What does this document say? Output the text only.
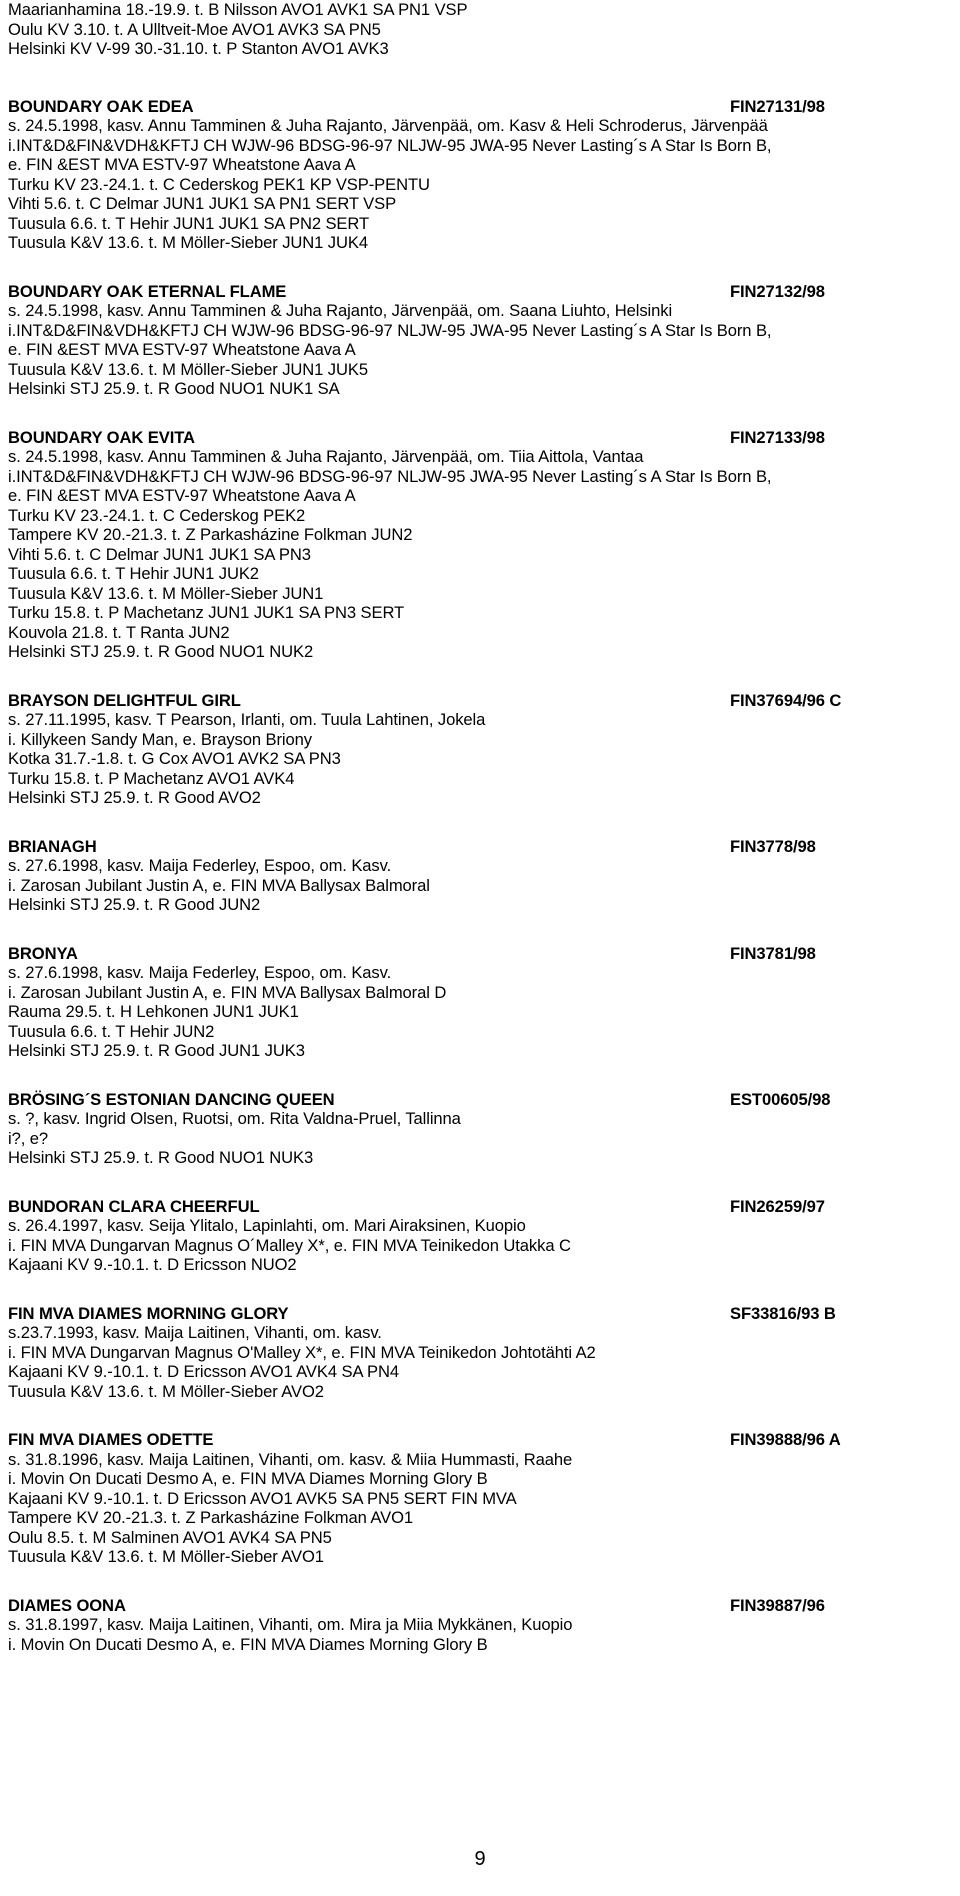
Maarianhamina 18.-19.9. t. B Nilsson AVO1 AVK1 SA PN1 VSP
Oulu KV 3.10. t. A Ulltveit-Moe AVO1 AVK3 SA PN5
Helsinki KV V-99 30.-31.10. t. P Stanton AVO1 AVK3
BOUNDARY OAK EDEA	FIN27131/98
s. 24.5.1998, kasv. Annu Tamminen & Juha Rajanto, Järvenpää, om. Kasv & Heli Schroderus, Järvenpää
i.INT&D&FIN&VDH&KFTJ CH WJW-96 BDSG-96-97 NLJW-95 JWA-95 Never Lasting´s A Star Is Born B,
e. FIN &EST MVA ESTV-97 Wheatstone Aava A
Turku KV 23.-24.1. t. C Cederskog PEK1 KP VSP-PENTU
Vihti 5.6. t. C Delmar JUN1 JUK1 SA PN1 SERT VSP
Tuusula 6.6. t. T Hehir JUN1 JUK1 SA PN2 SERT
Tuusula K&V 13.6. t. M Möller-Sieber JUN1 JUK4
BOUNDARY OAK ETERNAL FLAME	FIN27132/98
s. 24.5.1998, kasv. Annu Tamminen & Juha Rajanto, Järvenpää, om. Saana Liuhto, Helsinki
i.INT&D&FIN&VDH&KFTJ CH WJW-96 BDSG-96-97 NLJW-95 JWA-95 Never Lasting´s A Star Is Born B,
e. FIN &EST MVA ESTV-97 Wheatstone Aava A
Tuusula K&V 13.6. t. M Möller-Sieber JUN1 JUK5
Helsinki STJ 25.9. t. R Good NUO1 NUK1 SA
BOUNDARY OAK EVITA	FIN27133/98
s. 24.5.1998, kasv. Annu Tamminen & Juha Rajanto, Järvenpää, om. Tiia Aittola, Vantaa
i.INT&D&FIN&VDH&KFTJ CH WJW-96 BDSG-96-97 NLJW-95 JWA-95 Never Lasting´s A Star Is Born B,
e. FIN &EST MVA ESTV-97 Wheatstone Aava A
Turku KV 23.-24.1. t. C Cederskog PEK2
Tampere KV 20.-21.3. t. Z Parkasházine Folkman JUN2
Vihti 5.6. t. C Delmar JUN1 JUK1 SA PN3
Tuusula 6.6. t. T Hehir JUN1 JUK2
Tuusula K&V 13.6. t. M Möller-Sieber JUN1
Turku 15.8. t. P Machetanz JUN1 JUK1 SA PN3 SERT
Kouvola 21.8. t. T Ranta JUN2
Helsinki STJ 25.9. t. R Good NUO1 NUK2
BRAYSON DELIGHTFUL GIRL	FIN37694/96 C
s. 27.11.1995, kasv. T Pearson, Irlanti, om. Tuula Lahtinen, Jokela
i. Killykeen Sandy Man, e. Brayson Briony
Kotka 31.7.-1.8. t. G Cox AVO1 AVK2 SA PN3
Turku 15.8. t. P Machetanz AVO1 AVK4
Helsinki STJ 25.9. t. R Good AVO2
BRIANAGH	FIN3778/98
s. 27.6.1998, kasv. Maija Federley, Espoo, om. Kasv.
i. Zarosan Jubilant Justin A, e. FIN MVA Ballysax Balmoral
Helsinki STJ 25.9. t. R Good JUN2
BRONYA	FIN3781/98
s. 27.6.1998, kasv. Maija Federley, Espoo, om. Kasv.
i. Zarosan Jubilant Justin A, e. FIN MVA Ballysax Balmoral D
Rauma 29.5. t. H Lehkonen JUN1 JUK1
Tuusula 6.6. t. T Hehir JUN2
Helsinki STJ 25.9. t. R Good JUN1 JUK3
BRÖSING´S ESTONIAN DANCING QUEEN	EST00605/98
s. ?, kasv. Ingrid Olsen, Ruotsi, om. Rita Valdna-Pruel, Tallinna
i?, e?
Helsinki STJ 25.9. t. R Good NUO1 NUK3
BUNDORAN CLARA CHEERFUL	FIN26259/97
s. 26.4.1997, kasv. Seija Ylitalo, Lapinlahti, om. Mari Airaksinen, Kuopio
i. FIN MVA Dungarvan Magnus O´Malley X*, e. FIN MVA Teinikedon Utakka C
Kajaani KV 9.-10.1. t. D Ericsson NUO2
FIN MVA DIAMES MORNING GLORY	SF33816/93 B
s.23.7.1993, kasv. Maija Laitinen, Vihanti, om. kasv.
i. FIN MVA Dungarvan Magnus O'Malley X*, e. FIN MVA Teinikedon Johtotähti A2
Kajaani KV 9.-10.1. t. D Ericsson AVO1 AVK4 SA PN4
Tuusula K&V 13.6. t. M Möller-Sieber AVO2
FIN MVA DIAMES ODETTE	FIN39888/96 A
s. 31.8.1996, kasv. Maija Laitinen, Vihanti, om. kasv. & Miia Hummasti, Raahe
i. Movin On Ducati Desmo A, e. FIN MVA Diames Morning Glory B
Kajaani KV 9.-10.1. t. D Ericsson AVO1 AVK5 SA PN5 SERT FIN MVA
Tampere KV 20.-21.3. t. Z Parkasházine Folkman AVO1
Oulu 8.5. t. M Salminen AVO1 AVK4 SA PN5
Tuusula K&V 13.6. t. M Möller-Sieber AVO1
DIAMES OONA	FIN39887/96
s. 31.8.1997, kasv. Maija Laitinen, Vihanti, om. Mira ja Miia Mykkänen, Kuopio
i. Movin On Ducati Desmo A, e. FIN MVA Diames Morning Glory B
9
